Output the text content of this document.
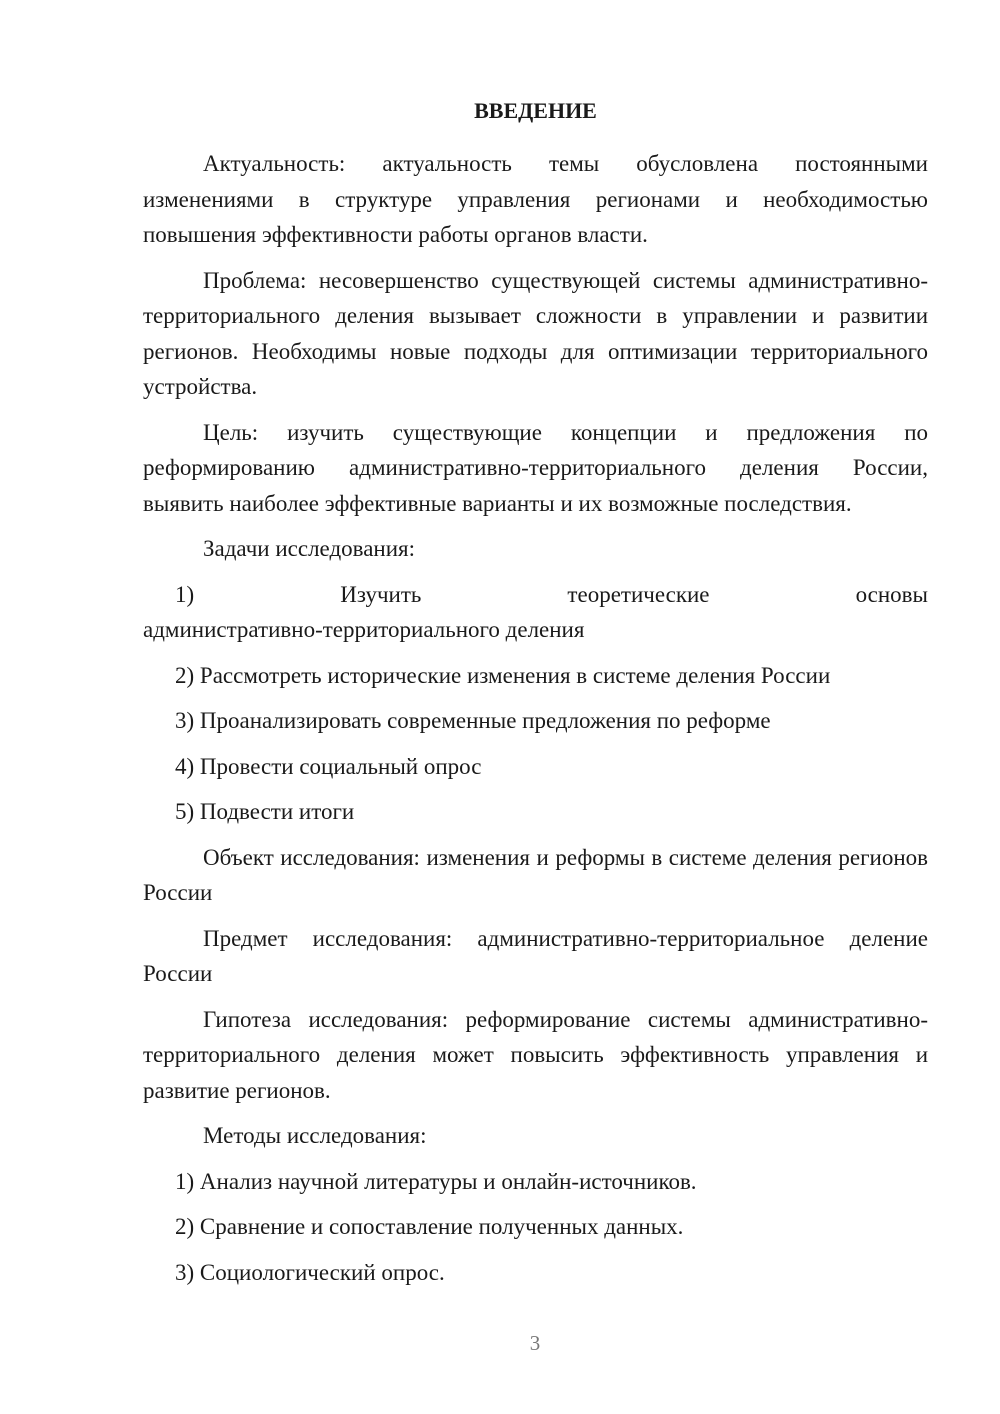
ВВЕДЕНИЕ

Актуальность: актуальность темы обусловлена постоянными изменениями в структуре управления регионами и необходимостью повышения эффективности работы органов власти.

Проблема: несовершенство существующей системы административно-территориального деления вызывает сложности в управлении и развитии регионов. Необходимы новые подходы для оптимизации территориального устройства.

Цель: изучить существующие концепции и предложения по реформированию административно-территориального деления России, выявить наиболее эффективные варианты и их возможные последствия.

Задачи исследования:

1) Изучить теоретические основы

административно-территориального деления

2) Рассмотреть исторические изменения в системе деления России

3) Проанализировать современные предложения по реформе

4) Провести социальный опрос

5) Подвести итоги

Объект исследования: изменения и реформы в системе деления регионов России

Предмет исследования: административно-территориальное деление России

Гипотеза исследования: реформирование системы административно-территориального деления может повысить эффективность управления и развитие регионов.

Методы исследования:

1) Анализ научной литературы и онлайн-источников.

2) Сравнение и сопоставление полученных данных.

3) Социологический опрос.

3
